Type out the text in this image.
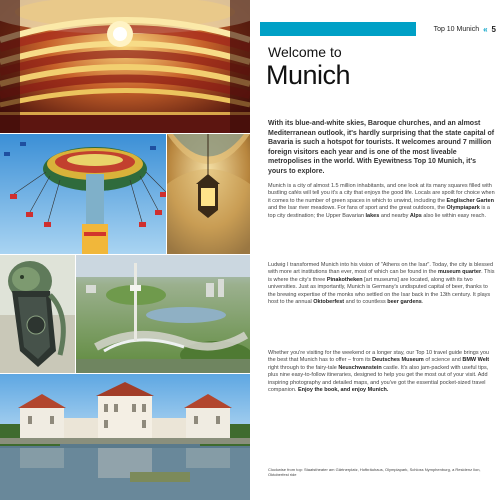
Top 10 Munich « 5
Welcome to
Munich
With its blue-and-white skies, Baroque churches, and an almost Mediterranean outlook, it's hardly surprising that the state capital of Bavaria is such a hotspot for tourists. It welcomes around 7 million foreign visitors each year and is one of the most liveable metropolises in the world. With Eyewitness Top 10 Munich, it's yours to explore.
Munich is a city of almost 1.5 million inhabitants, and one look at its many squares filled with bustling cafés will tell you it's a city that enjoys the good life. Locals are spoilt for choice when it comes to the number of green spaces in which to unwind, including the Englischer Garten and the Isar river meadows. For fans of sport and the great outdoors, the Olympiapark is a top city destination; the Upper Bavarian lakes and nearby Alps also lie within easy reach.
Ludwig I transformed Munich into his vision of "Athens on the Isar". Today, the city is blessed with more art institutions than ever, most of which can be found in the museum quarter. This is where the city's three Pinakotheken [art museums] are located, along with its two universities. Just as importantly, Munich is Germany's undisputed capital of beer, thanks to the brewing expertise of the monks who settled on the Isar back in the 13th century. It plays host to the annual Oktoberfest and to countless beer gardens.
Whether you're visiting for the weekend or a longer stay, our Top 10 travel guide brings you the best that Munich has to offer – from its Deutsches Museum of science and BMW Welt right through to the fairy-tale Neuschwanstein castle. It's also jam-packed with useful tips, plus nine easy-to-follow itineraries, designed to help you get the most out of your visit. Add inspiring photography and detailed maps, and you've got the essential pocket-sized travel companion. Enjoy the book, and enjoy Munich.
Clockwise from top: Staatstheater am Gärtnerplatz, Hofbräuhaus, Olympiapark, Schloss Nymphenburg, a Residenz lion, Oktoberfest ride
